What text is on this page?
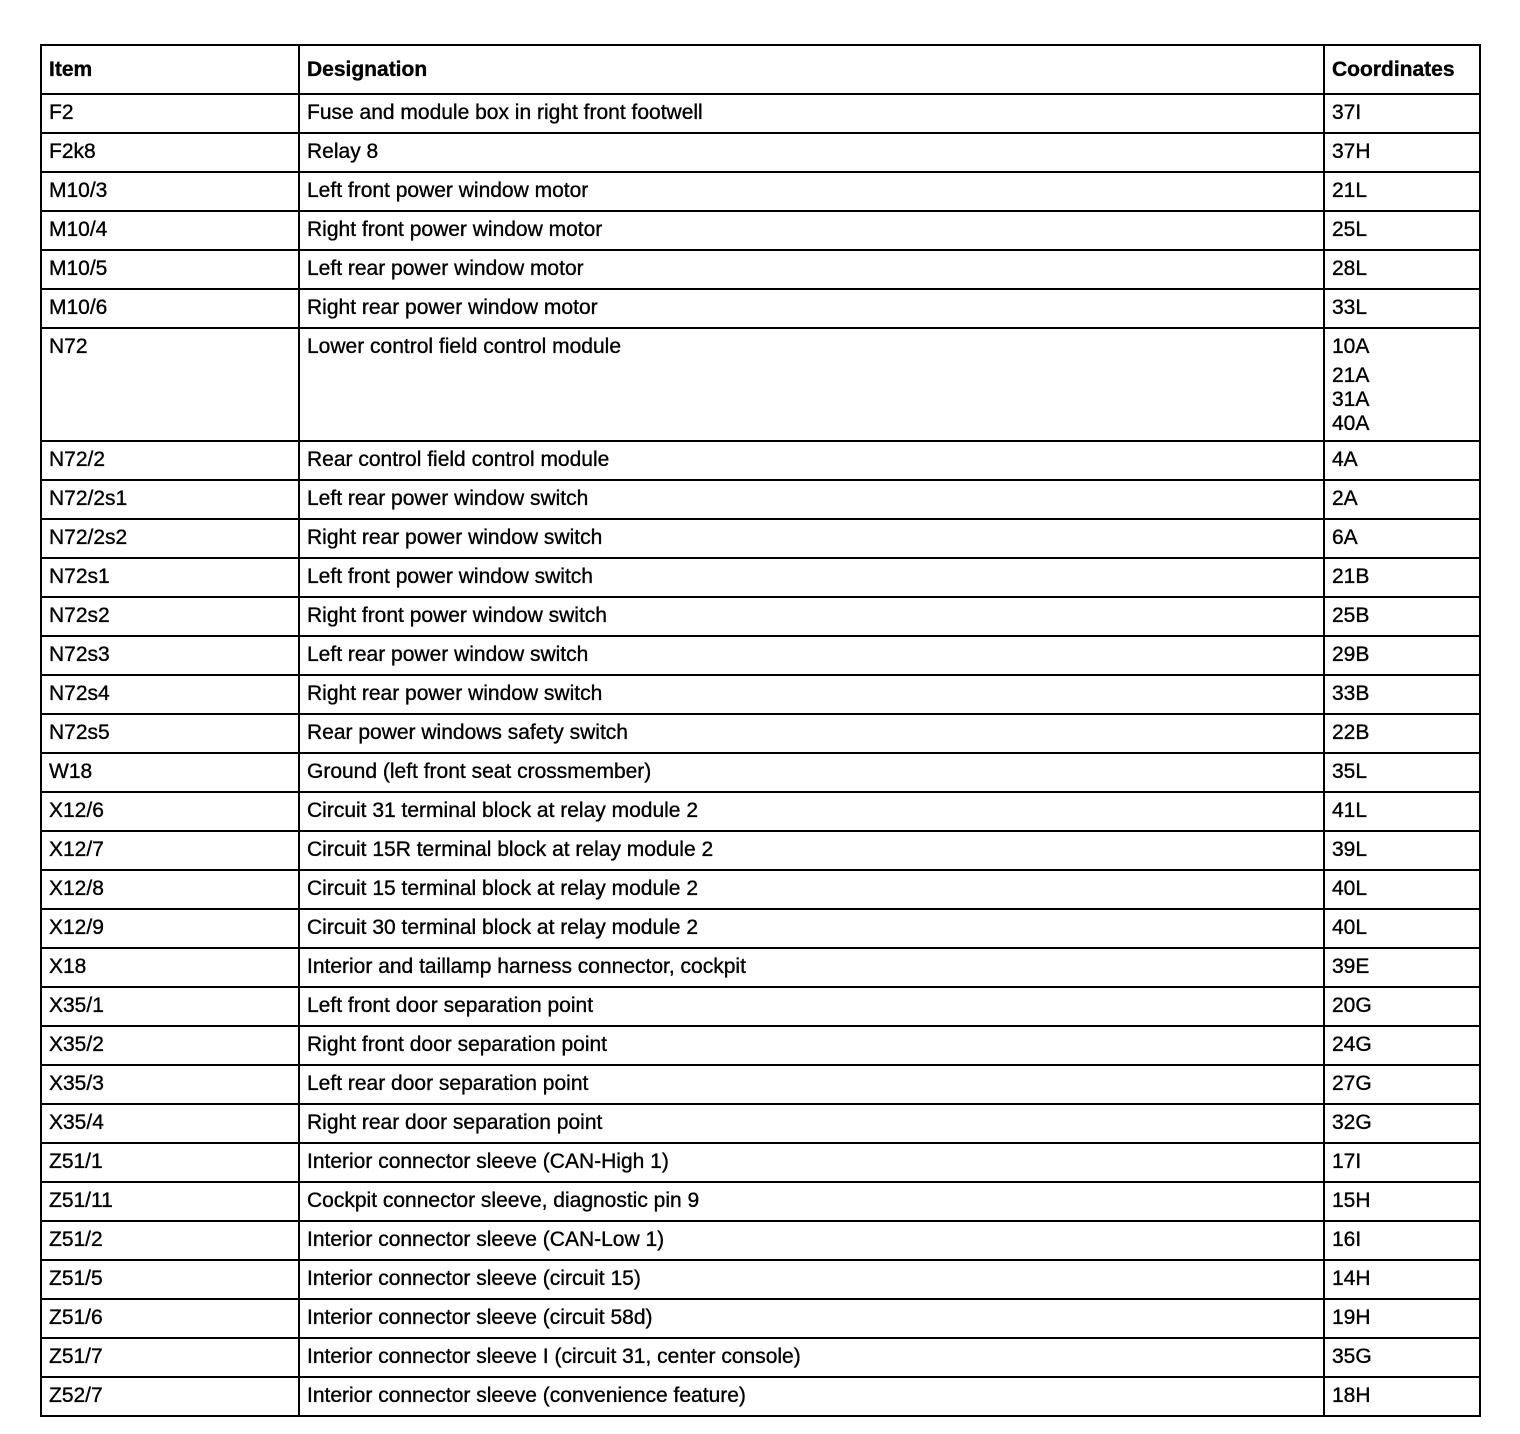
Item	Designation	Coordinates
F2	Fuse and module box in right front footwell	37I

F2k8	Relay 8	37H

M10/3	Left front power window motor	21L

M10/4	Right front power window motor	25L

M10/5	Left rear power window motor	28L

M10/6	Right rear power window motor	33L

N72	Lower control field control module	10A
21A
31A
40A

N72/2	Rear control field control module	4A

N72/2s1	Left rear power window switch	2A

N72/2s2	Right rear power window switch	6A

N72s1	Left front power window switch	21B

N72s2	Right front power window switch	25B

N72s3	Left rear power window switch	29B

N72s4	Right rear power window switch	33B

N72s5	Rear power windows safety switch	22B

W18	Ground (left front seat crossmember)	35L

X12/6	Circuit 31 terminal block at relay module 2	41L

X12/7	Circuit 15R terminal block at relay module 2	39L

X12/8	Circuit 15 terminal block at relay module 2	40L

X12/9	Circuit 30 terminal block at relay module 2	40L

X18	Interior and taillamp harness connector, cockpit	39E

X35/1	Left front door separation point	20G

X35/2	Right front door separation point	24G

X35/3	Left rear door separation point	27G

X35/4	Right rear door separation point	32G

Z51/1	Interior connector sleeve (CAN-High 1)	17I

Z51/11	Cockpit connector sleeve, diagnostic pin 9	15H

Z51/2	Interior connector sleeve (CAN-Low 1)	16I

Z51/5	Interior connector sleeve (circuit 15)	14H

Z51/6	Interior connector sleeve (circuit 58d)	19H

Z51/7	Interior connector sleeve I (circuit 31, center console)	35G

Z52/7	Interior connector sleeve (convenience feature)	18H
